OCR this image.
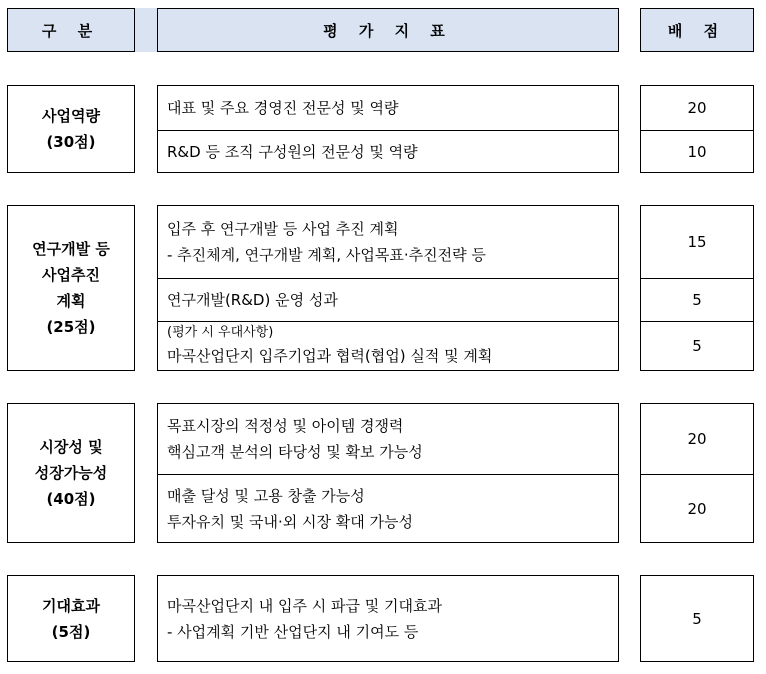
구 분	평 가 지 표	배 점
사업역량
(30점)
대표 및 주요 경영진 전문성 및 역량
R&D 등 조직 구성원의 전문성 및 역량
20
10
연구개발 등
사업추진
계획
(25점)
입주 후 연구개발 등 사업 추진 계획
- 추진체계, 연구개발 계획, 사업목표·추진전략 등
연구개발(R&D) 운영 성과
(평가 시 우대사항)
마곡산업단지 입주기업과 협력(협업) 실적 및 계획
15
5
5
시장성 및
성장가능성
(40점)
목표시장의 적정성 및 아이템 경쟁력
핵심고객 분석의 타당성 및 확보 가능성
매출 달성 및 고용 창출 가능성
투자유치 및 국내·외 시장 확대 가능성
20
20
기대효과
(5점)
마곡산업단지 내 입주 시 파급 및 기대효과
- 사업계획 기반 산업단지 내 기여도 등
5
